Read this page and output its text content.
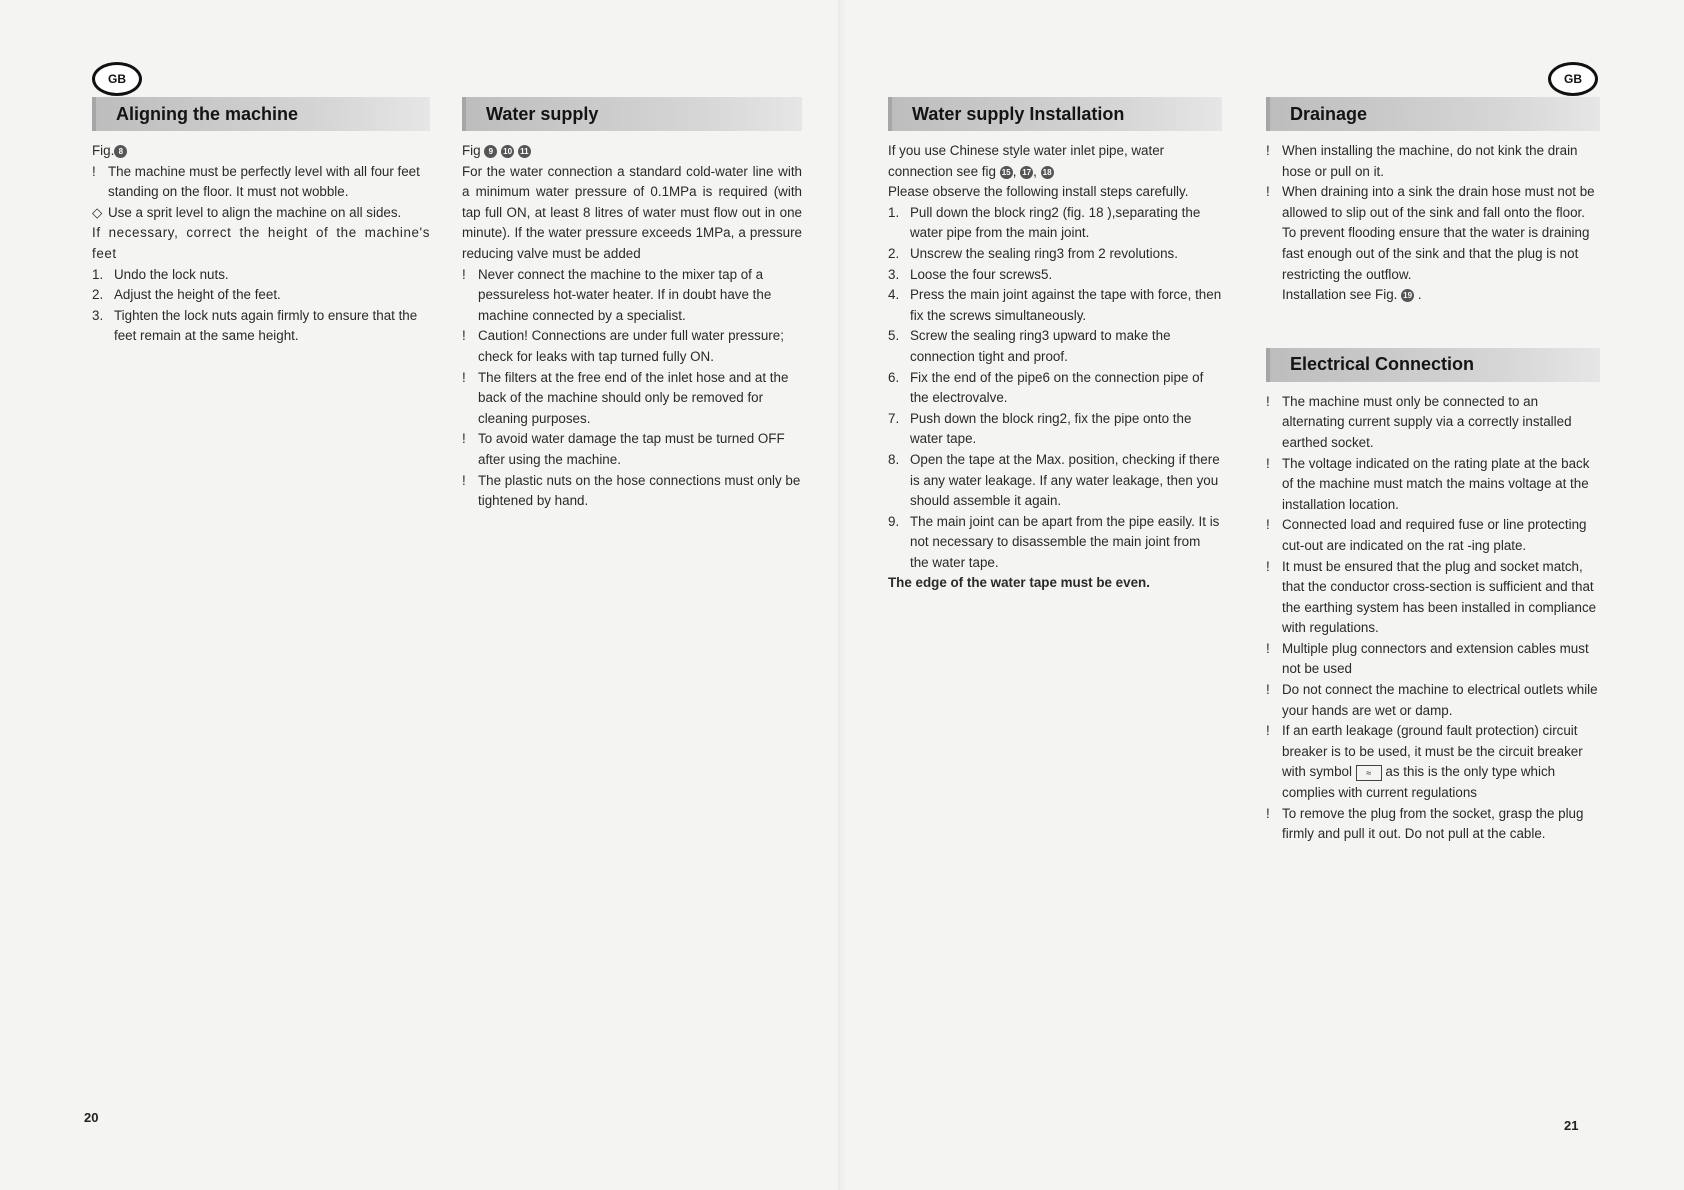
GB
Aligning the machine
Fig. 8
! The machine must be perfectly level with all four feet standing on the floor. It must not wobble.
◇ Use a sprit level to align the machine on all sides.
If necessary, correct the height of the machine's feet
1. Undo the lock nuts.
2. Adjust the height of the feet.
3. Tighten the lock nuts again firmly to ensure that the feet remain at the same height.
Water supply
Fig 9 10 11
For the water connection a standard cold-water line with a minimum water pressure of 0.1MPa is required (with tap full ON, at least 8 litres of water must flow out in one minute). If the water pressure exceeds 1MPa, a pressure reducing valve must be added
! Never connect the machine to the mixer tap of a pessureless hot-water heater. If in doubt have the machine connected by a specialist.
! Caution! Connections are under full water pressure; check for leaks with tap turned fully ON.
! The filters at the free end of the inlet hose and at the back of the machine should only be removed for cleaning purposes.
! To avoid water damage the tap must be turned OFF after using the machine.
! The plastic nuts on the hose connections must only be tightened by hand.
20
GB
Water supply Installation
If you use Chinese style water inlet pipe, water connection see fig 15 , 17 , 18
Please observe the following install steps carefully.
1. Pull down the block ring2 (fig. 18 ),separating the water pipe from the main joint.
2. Unscrew the sealing ring3 from 2 revolutions.
3. Loose the four screws5.
4. Press the main joint against the tape with force, then fix the screws simultaneously.
5. Screw the sealing ring3 upward to make the connection tight and proof.
6. Fix the end of the pipe6 on the connection pipe of the electrovalve.
7. Push down the block ring2, fix the pipe onto the water tape.
8. Open the tape at the Max. position, checking if there is any water leakage. If any water leakage, then you should assemble it again.
9. The main joint can be apart from the pipe easily. It is not necessary to disassemble the main joint from the water tape.
The edge of the water tape must be even.
Drainage
! When installing the machine, do not kink the drain hose or pull on it.
! When draining into a sink the drain hose must not be allowed to slip out of the sink and fall onto the floor. To prevent flooding ensure that the water is draining fast enough out of the sink and that the plug is not restricting the outflow.
Installation see Fig. 19 .
Electrical Connection
! The machine must only be connected to an alternating current supply via a correctly installed earthed socket.
! The voltage indicated on the rating plate at the back of the machine must match the mains voltage at the installation location.
! Connected load and required fuse or line protecting cut-out are indicated on the rat -ing plate.
! It must be ensured that the plug and socket match, that the conductor cross-section is sufficient and that the earthing system has been installed in compliance with regulations.
! Multiple plug connectors and extension cables must not be used
! Do not connect the machine to electrical outlets while your hands are wet or damp.
! If an earth leakage (ground fault protection) circuit breaker is to be used, it must be the circuit breaker with symbol ≈ as this is the only type which complies with current regulations
! To remove the plug from the socket, grasp the plug firmly and pull it out. Do not pull at the cable.
21
